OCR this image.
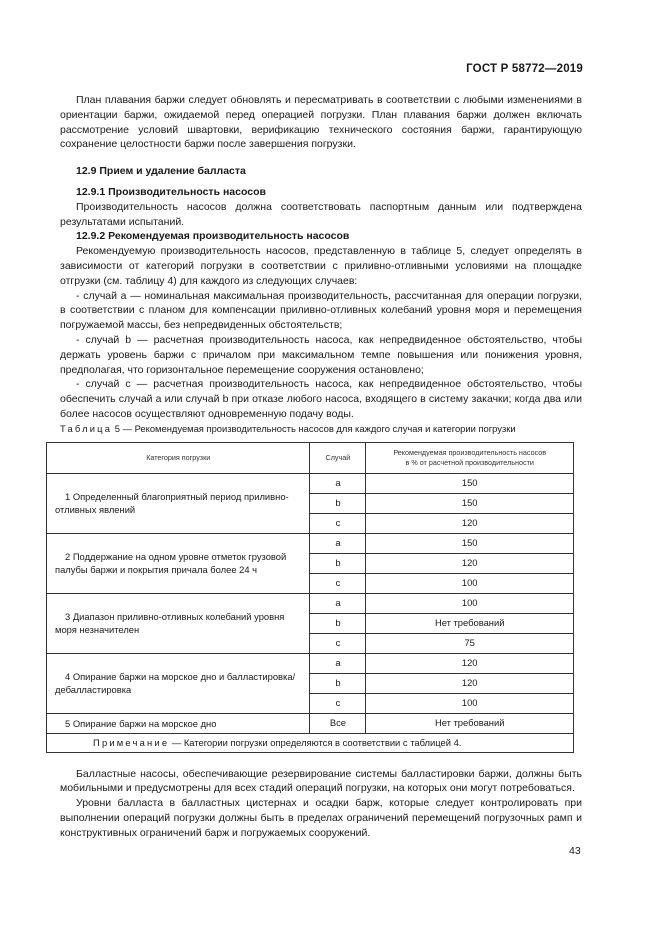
ГОСТ Р 58772—2019

План плавания баржи следует обновлять и пересматривать в соответствии с любыми изменениями в ориентации баржи, ожидаемой перед операцией погрузки. План плавания баржи должен включать рассмотрение условий швартовки, верификацию технического состояния баржи, гарантирующую сохранение целостности баржи после завершения погрузки.

12.9 Прием и удаление балласта
12.9.1 Производительность насосов

Производительность насосов должна соответствовать паспортным данным или подтверждена результатами испытаний.

12.9.2 Рекомендуемая производительность насосов

Рекомендуемую производительность насосов, представленную в таблице 5, следует определять в зависимости от категорий погрузки в соответствии с приливно-отливными условиями на площадке отгрузки (см. таблицу 4) для каждого из следующих случаев:

- случай a — номинальная максимальная производительность, рассчитанная для операции погрузки, в соответствии с планом для компенсации приливно-отливных колебаний уровня моря и перемещения погружаемой массы, без непредвиденных обстоятельств;

- случай b — расчетная производительность насоса, как непредвиденное обстоятельство, чтобы держать уровень баржи с причалом при максимальном темпе повышения или понижения уровня, предполагая, что горизонтальное перемещение сооружения остановлено;

- случай c — расчетная производительность насоса, как непредвиденное обстоятельство, чтобы обеспечить случай a или случай b при отказе любого насоса, входящего в систему закачки; когда два или более насосов осуществляют одновременную подачу воды.

Таблица 5 — Рекомендуемая производительность насосов для каждого случая и категории погрузки

Категория погрузки	Случай	Рекомендуемая производительность насосов
в % от расчетной производительности
1 Определенный благоприятный период приливно-отливных явлений	a	150
	b	150
	c	120
2 Поддержание на одном уровне отметок грузовой палубы баржи и покрытия причала более 24 ч	a	150
	b	120
	c	100
3 Диапазон приливно-отливных колебаний уровня моря незначителен	a	100
	b	Нет требований
	c	75
4 Опирание баржи на морское дно и балластировка/дебалластировка	a	120
	b	120
	c	100
5 Опирание баржи на морское дно	Все	Нет требований
Примечание — Категории погрузки определяются в соответствии с таблицей 4.		

Балластные насосы, обеспечивающие резервирование системы балластировки баржи, должны быть мобильными и предусмотрены для всех стадий операций погрузки, на которых они могут потребоваться.

Уровни балласта в балластных цистернах и осадки барж, которые следует контролировать при выполнении операций погрузки должны быть в пределах ограничений перемещений погрузочных рамп и конструктивных ограничений барж и погружаемых сооружений.

43
